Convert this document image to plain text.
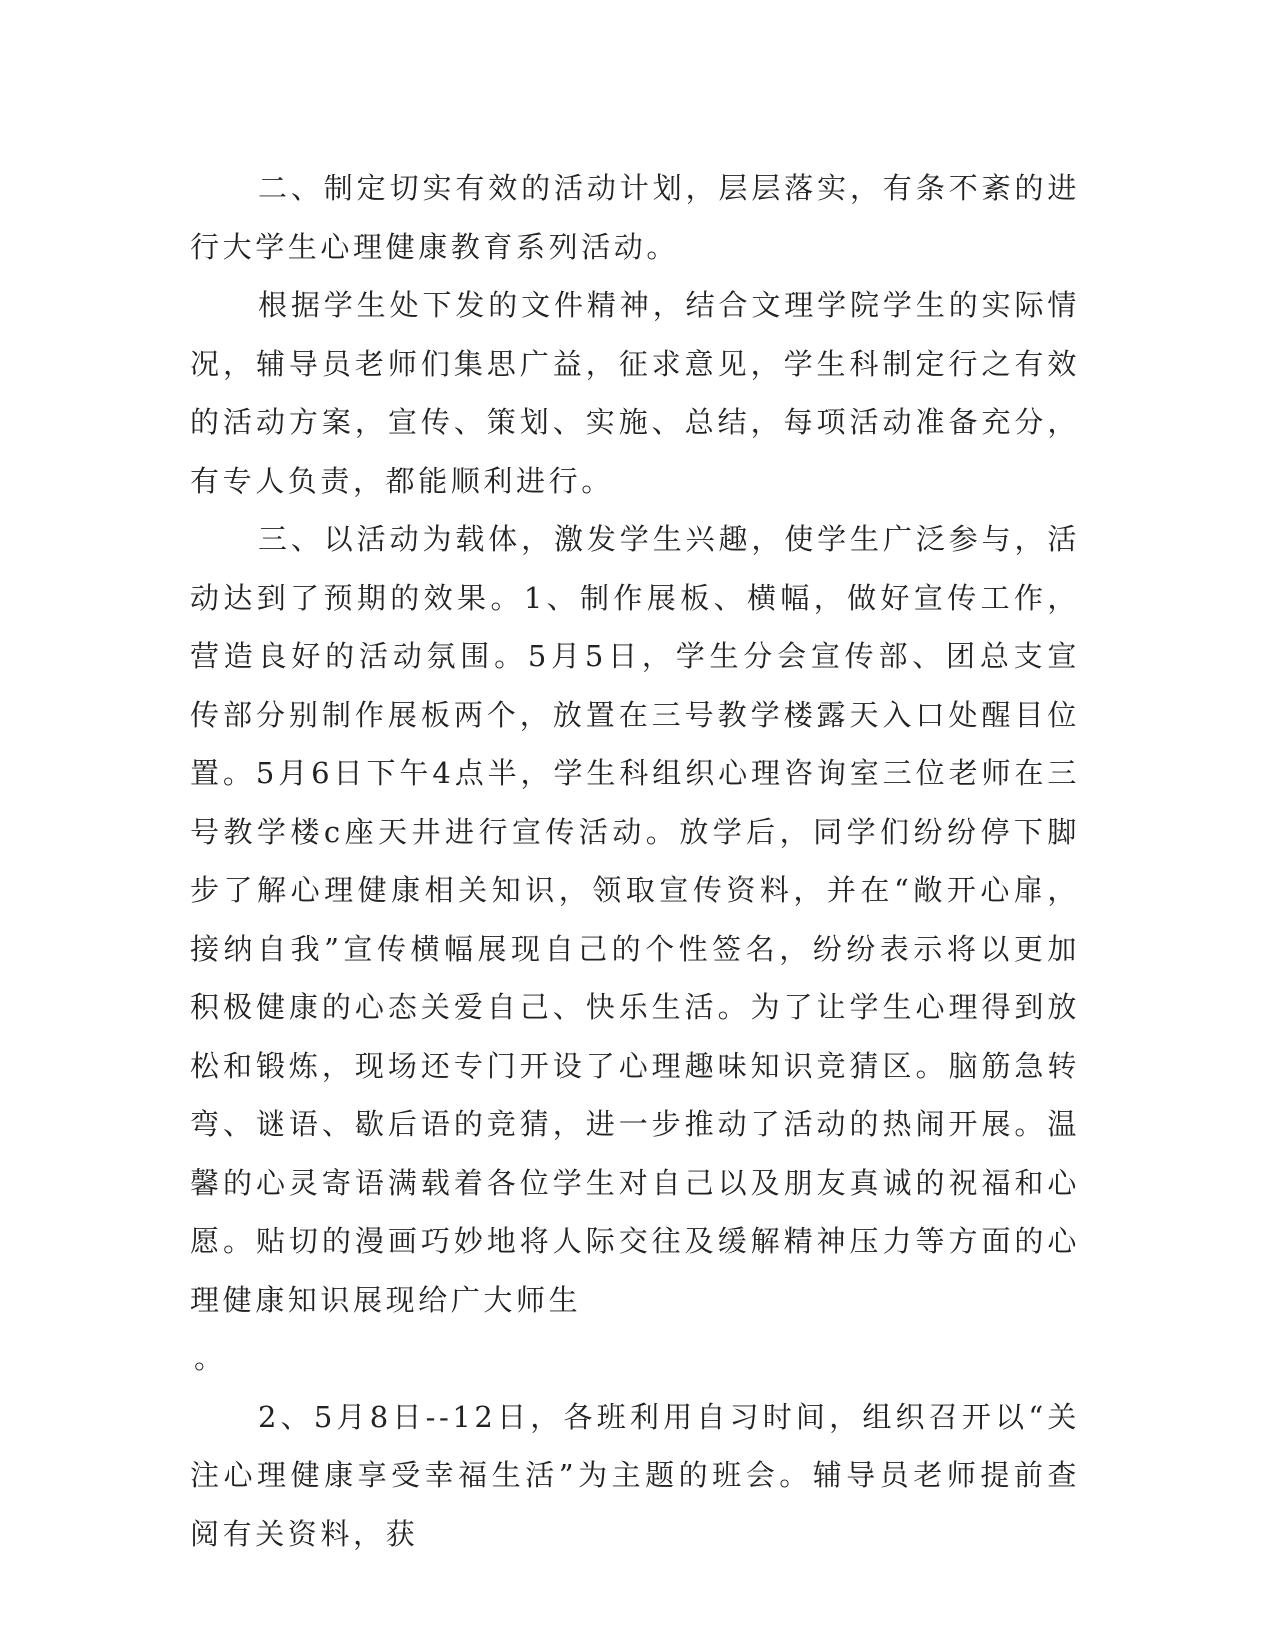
二、制定切实有效的活动计划，层层落实，有条不紊的进行大学生心理健康教育系列活动。

根据学生处下发的文件精神，结合文理学院学生的实际情况，辅导员老师们集思广益，征求意见，学生科制定行之有效的活动方案，宣传、策划、实施、总结，每项活动准备充分，有专人负责，都能顺利进行。

三、以活动为载体，激发学生兴趣，使学生广泛参与，活动达到了预期的效果。1、制作展板、横幅，做好宣传工作，营造良好的活动氛围。5月5日，学生分会宣传部、团总支宣传部分别制作展板两个，放置在三号教学楼露天入口处醒目位置。5月6日下午4点半，学生科组织心理咨询室三位老师在三号教学楼c座天井进行宣传活动。放学后，同学们纷纷停下脚步了解心理健康相关知识，领取宣传资料，并在“敞开心扉，接纳自我”宣传横幅展现自己的个性签名，纷纷表示将以更加积极健康的心态关爱自己、快乐生活。为了让学生心理得到放松和锻炼，现场还专门开设了心理趣味知识竞猜区。脑筋急转弯、谜语、歇后语的竞猜，进一步推动了活动的热闹开展。温馨的心灵寄语满载着各位学生对自己以及朋友真诚的祝福和心愿。贴切的漫画巧妙地将人际交往及缓解精神压力等方面的心理健康知识展现给广大师生

。

2、5月8日--12日，各班利用自习时间，组织召开以“关注心理健康享受幸福生活”为主题的班会。辅导员老师提前查阅有关资料，获
